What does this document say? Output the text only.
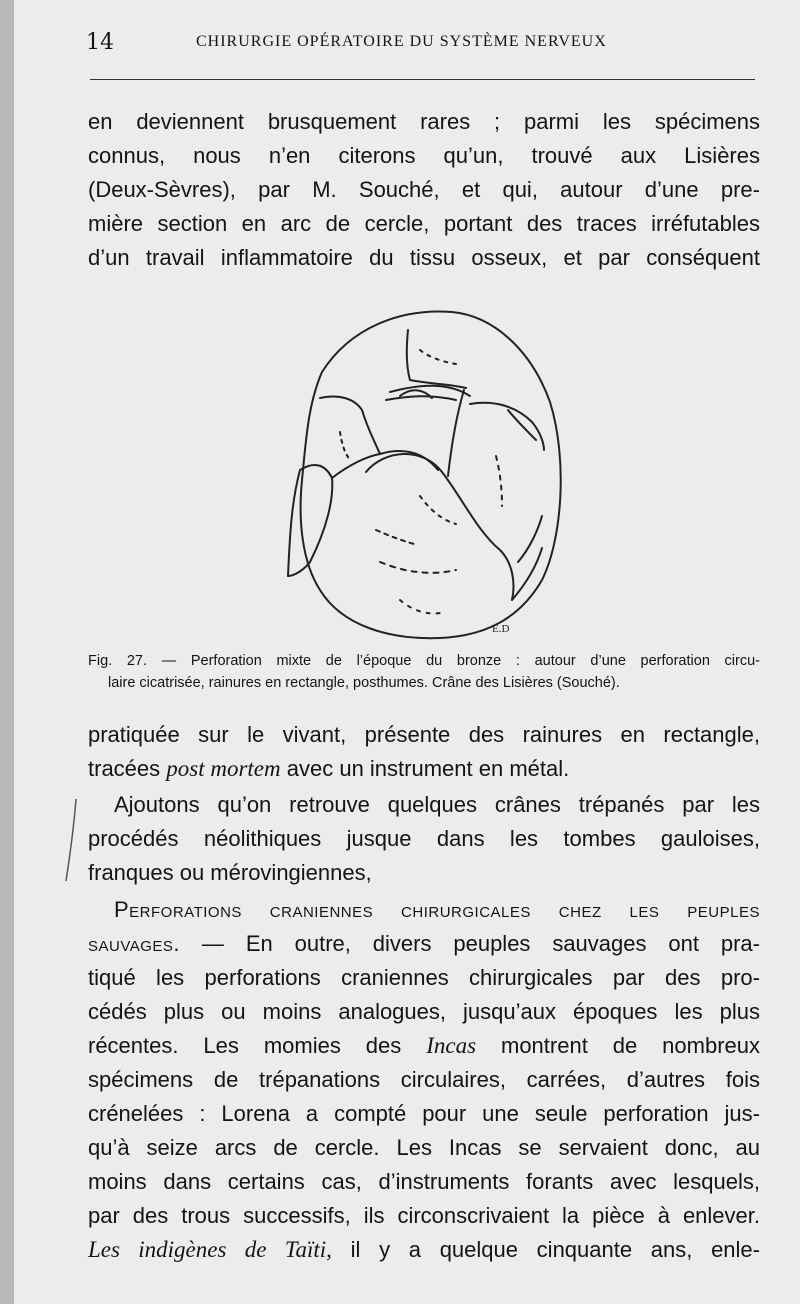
14	CHIRURGIE OPÉRATOIRE DU SYSTÈME NERVEUX
en deviennent brusquement rares ; parmi les spécimens
connus, nous n’en citerons qu’un, trouvé aux Lisières
(Deux-Sèvres), par M. Souché, et qui, autour d’une pre-
mière section en arc de cercle, portant des traces irréfutables
d’un travail inflammatoire du tissu osseux, et par conséquent
E.D
Fig. 27. — Perforation mixte de l’époque du bronze : autour d’une perforation circu-
laire cicatrisée, rainures en rectangle, posthumes. Crâne des Lisières (Souché).
pratiquée sur le vivant, présente des rainures en rectangle,
tracées post mortem avec un instrument en métal.
Ajoutons qu’on retrouve quelques crânes trépanés par les
procédés néolithiques jusque dans les tombes gauloises,
franques ou mérovingiennes,
Perforations craniennes chirurgicales chez les peuples
sauvages. — En outre, divers peuples sauvages ont pra-
tiqué les perforations craniennes chirurgicales par des pro-
cédés plus ou moins analogues, jusqu’aux époques les plus
récentes. Les momies des Incas montrent de nombreux
spécimens de trépanations circulaires, carrées, d’autres fois
crénelées : Lorena a compté pour une seule perforation jus-
qu’à seize arcs de cercle. Les Incas se servaient donc, au
moins dans certains cas, d’instruments forants avec lesquels,
par des trous successifs, ils circonscrivaient la pièce à enlever.
Les indigènes de Taïti, il y a quelque cinquante ans, enle-
